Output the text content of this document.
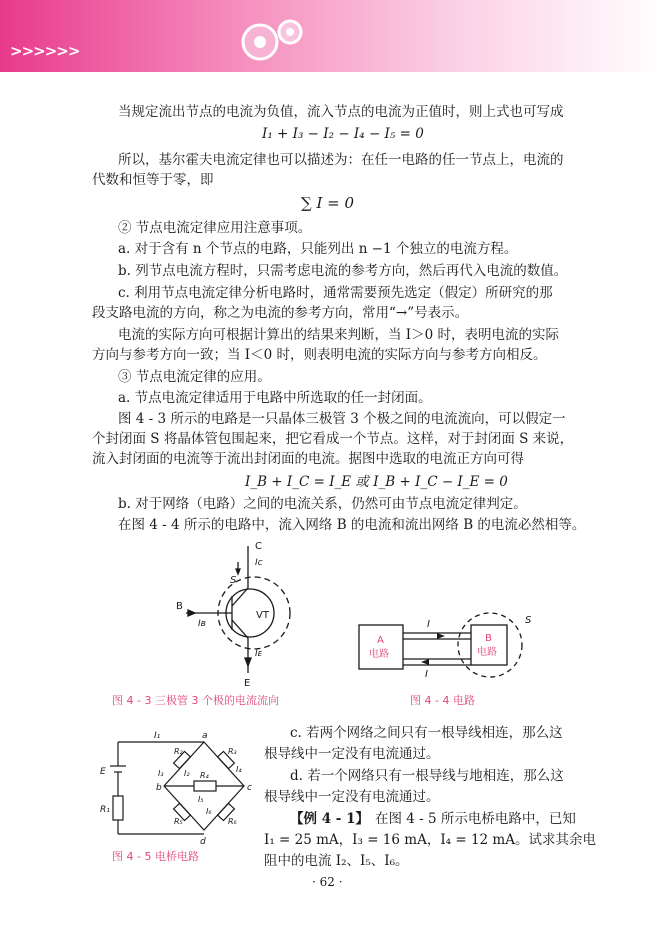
>>>>>>
当规定流出节点的电流为负值，流入节点的电流为正值时，则上式也可写成
I₁ + I₃ − I₂ − I₄ − I₅ = 0
所以，基尔霍夫电流定律也可以描述为：在任一电路的任一节点上，电流的
代数和恒等于零，即
∑ I = 0
② 节点电流定律应用注意事项。
a. 对于含有 n 个节点的电路，只能列出 n −1 个独立的电流方程。
b. 列节点电流方程时，只需考虑电流的参考方向，然后再代入电流的数值。
c. 利用节点电流定律分析电路时，通常需要预先选定（假定）所研究的那
段支路电流的方向，称之为电流的参考方向，常用“→”号表示。
电流的实际方向可根据计算出的结果来判断，当 I＞0 时，表明电流的实际
方向与参考方向一致；当 I＜0 时，则表明电流的实际方向与参考方向相反。
③ 节点电流定律的应用。
a. 节点电流定律适用于电路中所选取的任一封闭面。
图 4 - 3 所示的电路是一只晶体三极管 3 个极之间的电流流向，可以假定一
个封闭面 S 将晶体管包围起来，把它看成一个节点。这样，对于封闭面 S 来说，
流入封闭面的电流等于流出封闭面的电流。据图中选取的电流正方向可得
I_B + I_C = I_E 或 I_B + I_C − I_E = 0
b. 对于网络（电路）之间的电流关系，仍然可由节点电流定律判定。
在图 4 - 4 所示的电路中，流入网络 B 的电流和流出网络 B 的电流必然相等。
C
Iᴄ
S
B
VT
Iʙ
Iᴇ
E
图 4 - 3 三极管 3 个极的电流流向
A
电路
B
电路
I
I
S
图 4 - 4 电路
I₁	a
b	c
d
E
R₁
R₂	R₃
R₄
R₅	R₆
I₂
I₃	I₄
I₅
I₆
图 4 - 5 电桥电路
c. 若两个网络之间只有一根导线相连，那么这
根导线中一定没有电流通过。
d. 若一个网络只有一根导线与地相连，那么这
根导线中一定没有电流通过。
【例 4 - 1】 在图 4 - 5 所示电桥电路中，已知
I₁ = 25 mA，I₃ = 16 mA，I₄ = 12 mA。试求其余电
阻中的电流 I₂、I₅、I₆。
· 62 ·
